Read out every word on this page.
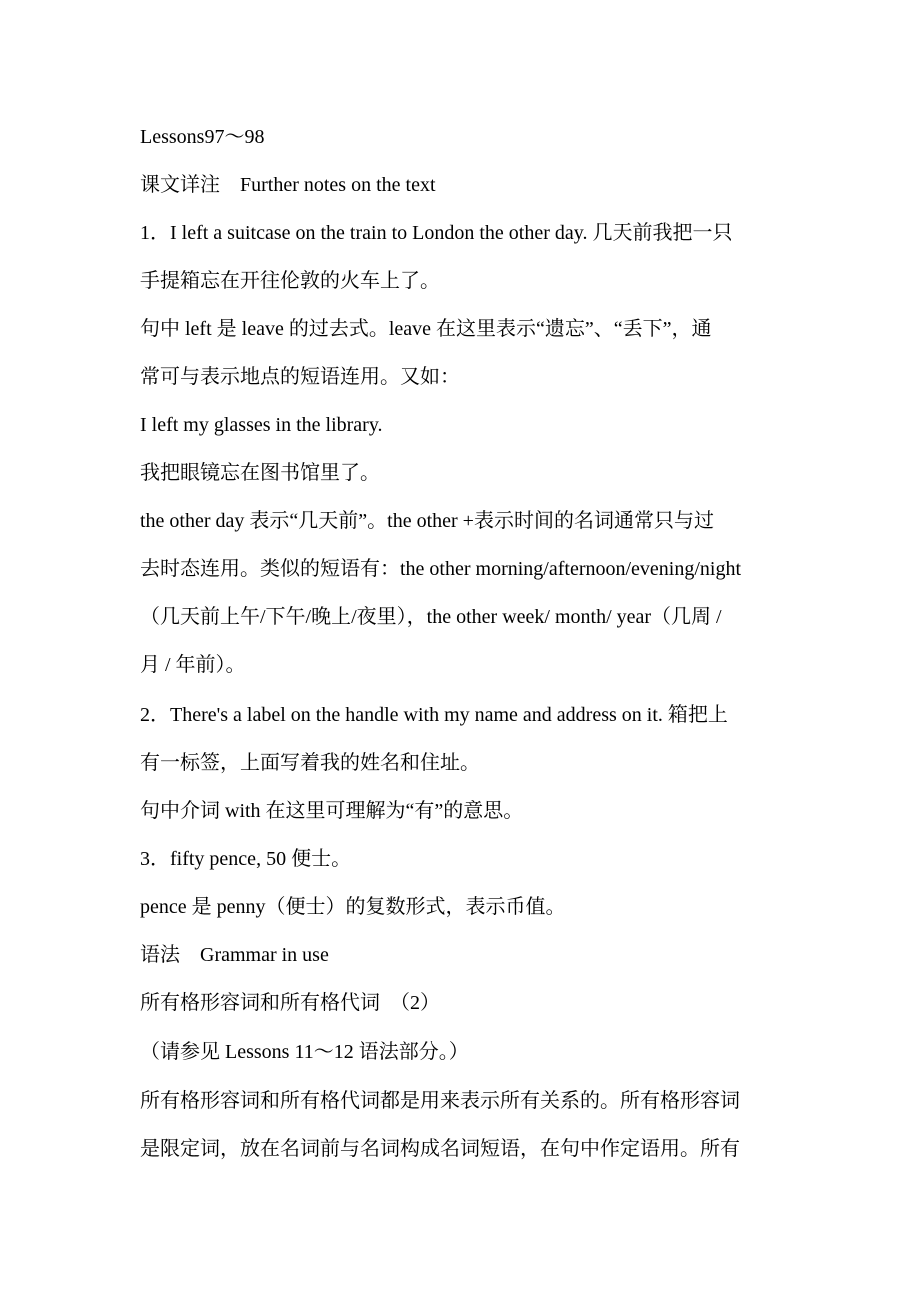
Lessons97～98
课文详注　Further notes on the text
1．I left a suitcase on the train to London the other day. 几天前我把一只
手提箱忘在开往伦敦的火车上了。
句中 left 是 leave 的过去式。leave 在这里表示“遗忘”、“丢下”，通
常可与表示地点的短语连用。又如：
I left my glasses in the library.
我把眼镜忘在图书馆里了。
the other day 表示“几天前”。the other +表示时间的名词通常只与过
去时态连用。类似的短语有：the other morning/afternoon/evening/night
（几天前上午/下午/晚上/夜里），the other week/ month/ year（几周 /
月 / 年前）。
2．There's a label on the handle with my name and address on it. 箱把上
有一标签，上面写着我的姓名和住址。
句中介词 with 在这里可理解为“有”的意思。
3．fifty pence, 50 便士。
pence 是 penny（便士）的复数形式，表示币值。
语法　Grammar in use
所有格形容词和所有格代词　（2）
（请参见 Lessons 11～12 语法部分。）
所有格形容词和所有格代词都是用来表示所有关系的。所有格形容词
是限定词，放在名词前与名词构成名词短语，在句中作定语用。所有
